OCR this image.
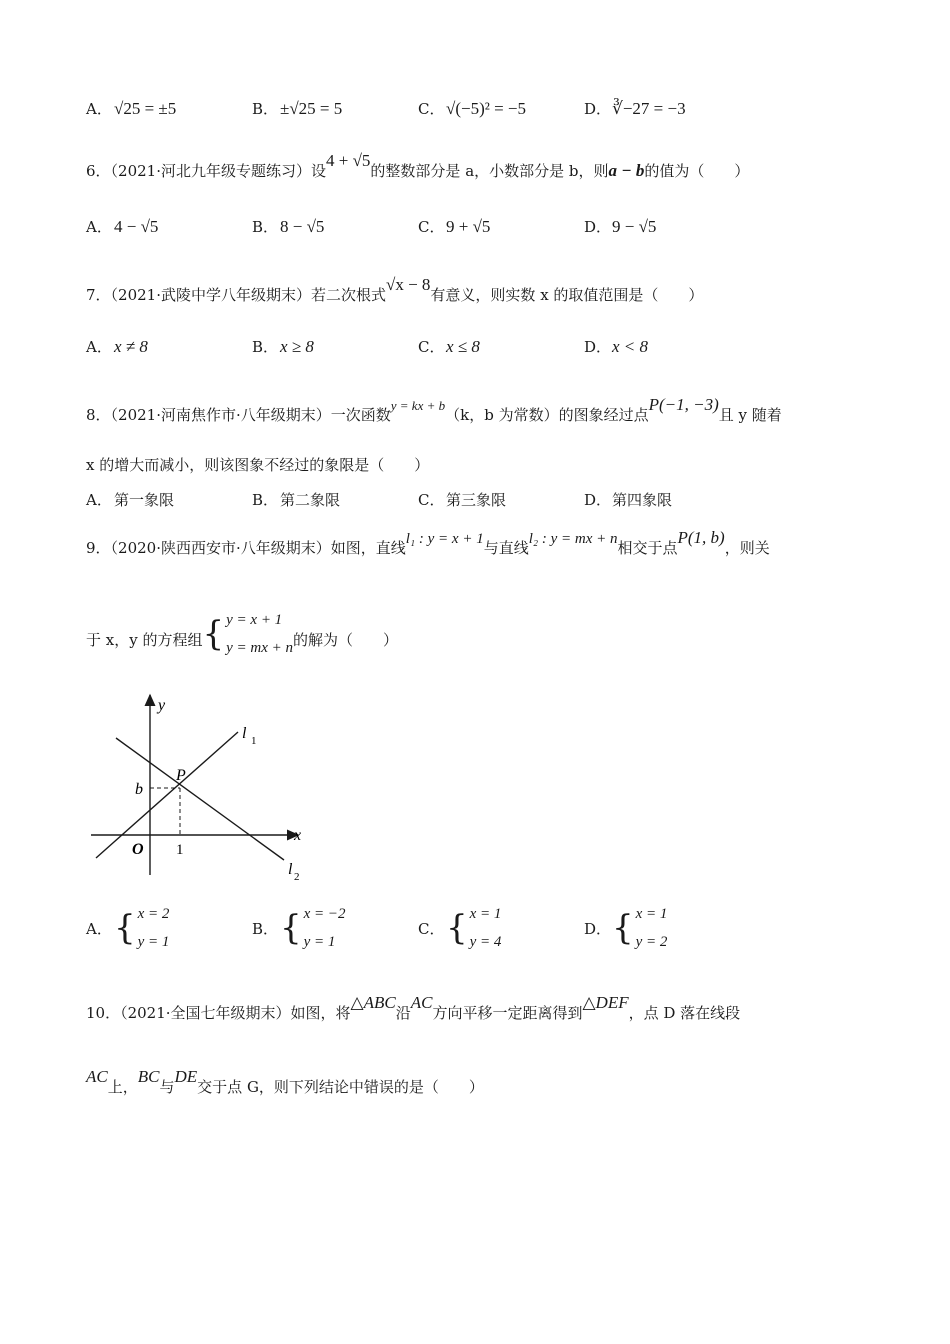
A． √25 = ±5	B． ±√25 = 5	C．√(−5)² = −5	D．∛−27 = −3
6．（2021·河北九年级专题练习）设4 + √5的整数部分是 a，小数部分是 b，则a − b的值为（　　）
A． 4 − √5	B． 8 − √5	C．9 + √5	D．9 − √5
7．（2021·武陵中学八年级期末）若二次根式√x − 8有意义，则实数 x 的取值范围是（　　）
A． x ≠ 8	B． x ≥ 8	C．x ≤ 8	D．x < 8
8．（2021·河南焦作市·八年级期末）一次函数y = kx + b（k，b 为常数）的图象经过点P(−1, −3)且 y 随着
x 的增大而减小，则该图象不经过的象限是（　　）
A． 第一象限	B． 第二象限	C． 第三象限	D．第四象限
9．（2020·陕西西安市·八年级期末）如图，直线l₁ : y = x + 1与直线l₂ : y = mx + n相交于点P(1, b)，则关
于 x，y 的方程组 { y = x + 1
y = mx + n 的解为（　　）
y
x
l 1
l 2
P
b
O 1
A． { x = 2
y = 1
B． { x = −2
y = 1
C． { x = 1
y = 4
D． { x = 1
y = 2
10．（2021·全国七年级期末）如图，将△ABC沿AC方向平移一定距离得到△DEF，点 D 落在线段
AC上，BC与DE交于点 G，则下列结论中错误的是（　　）
